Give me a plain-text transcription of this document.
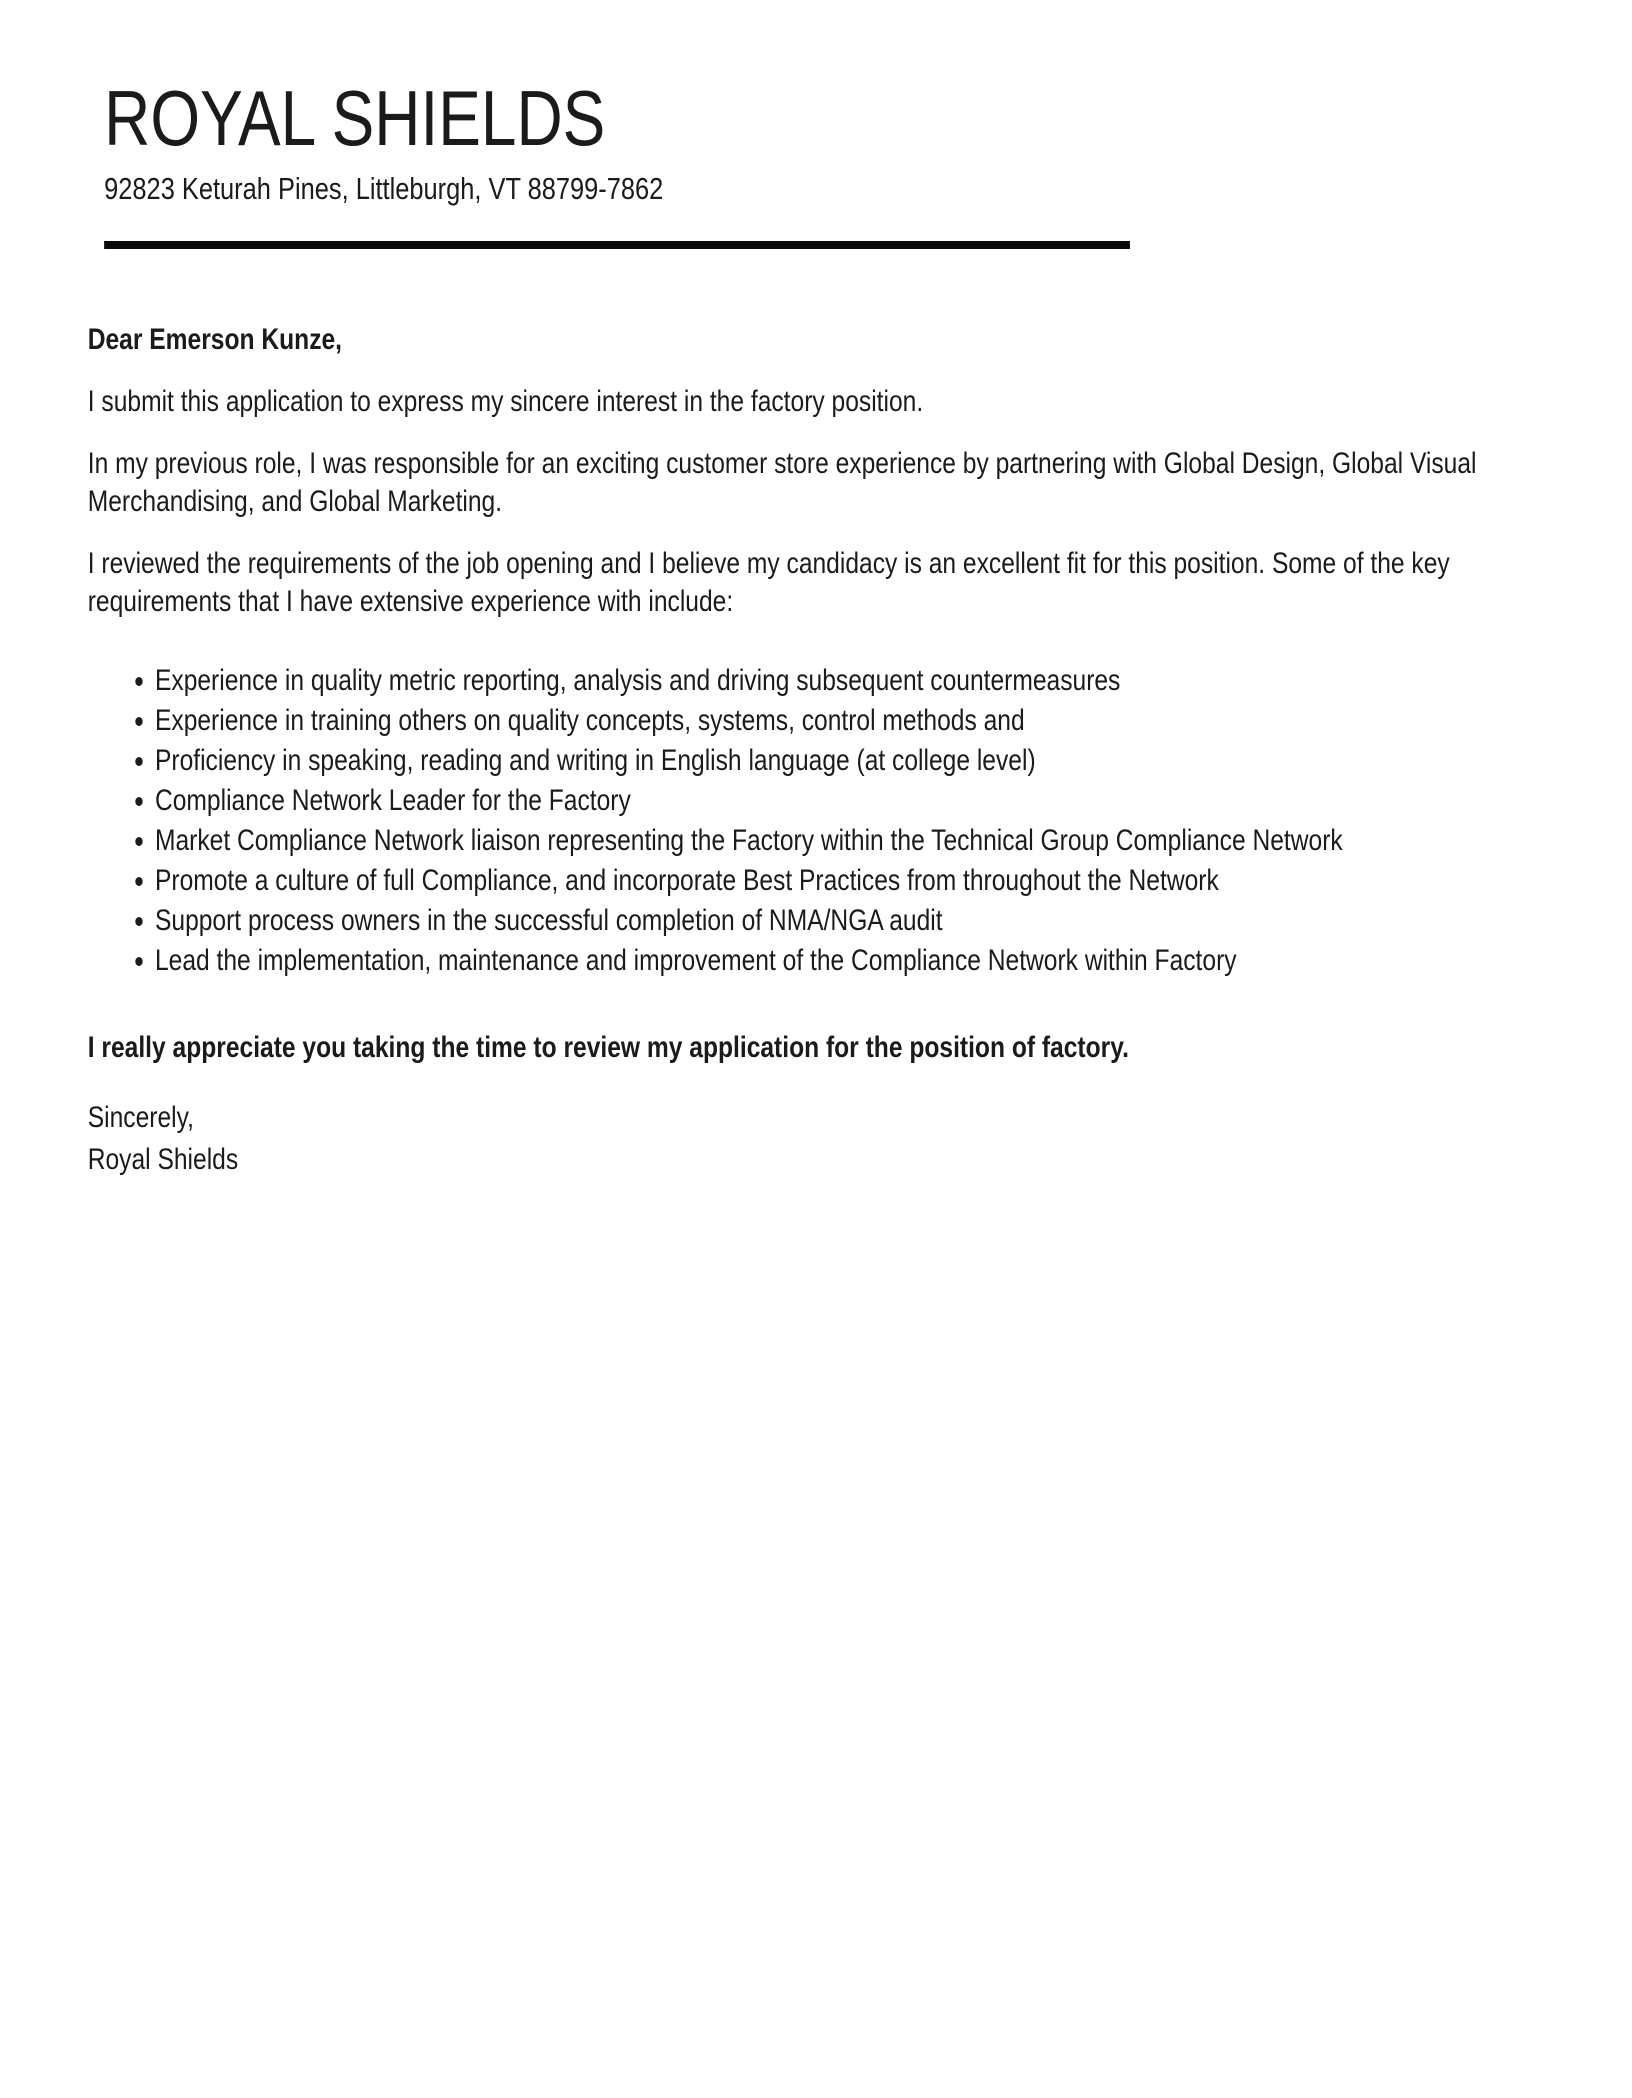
ROYAL SHIELDS

92823 Keturah Pines, Littleburgh, VT 88799-7862

Dear Emerson Kunze,

I submit this application to express my sincere interest in the factory position.

In my previous role, I was responsible for an exciting customer store experience by partnering with Global Design, Global Visual Merchandising, and Global Marketing.

I reviewed the requirements of the job opening and I believe my candidacy is an excellent fit for this position. Some of the key requirements that I have extensive experience with include:

• Experience in quality metric reporting, analysis and driving subsequent countermeasures
• Experience in training others on quality concepts, systems, control methods and
• Proficiency in speaking, reading and writing in English language (at college level)
• Compliance Network Leader for the Factory
• Market Compliance Network liaison representing the Factory within the Technical Group Compliance Network
• Promote a culture of full Compliance, and incorporate Best Practices from throughout the Network
• Support process owners in the successful completion of NMA/NGA audit
• Lead the implementation, maintenance and improvement of the Compliance Network within Factory

I really appreciate you taking the time to review my application for the position of factory.

Sincerely,

Royal Shields
